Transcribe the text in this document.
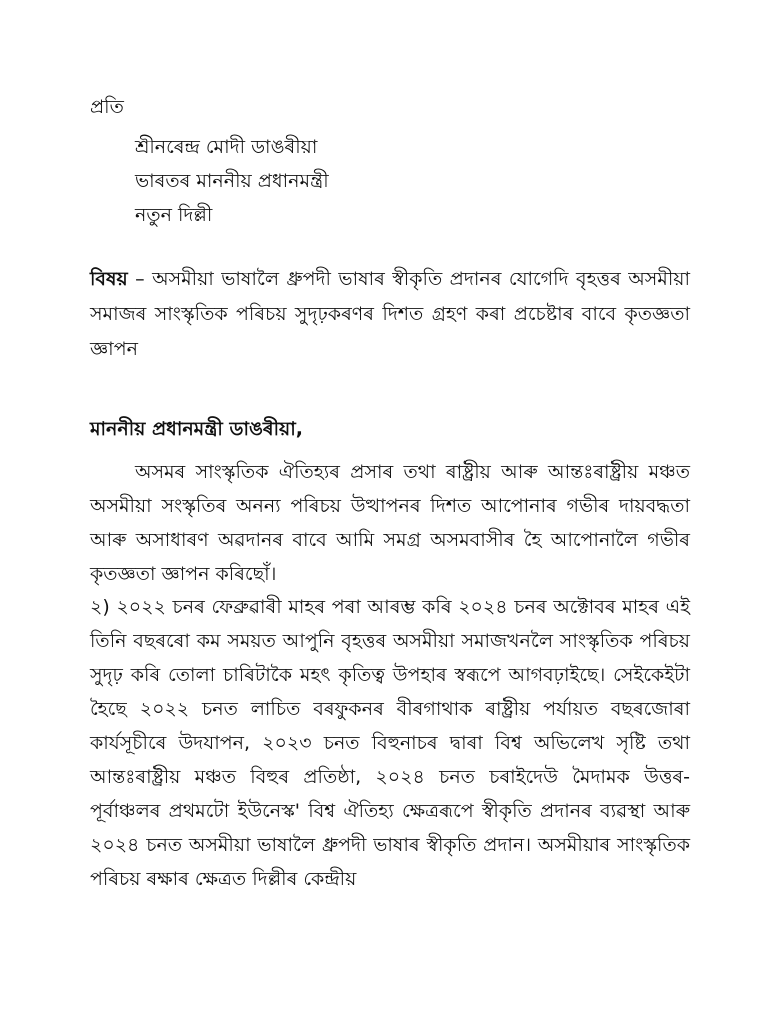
প্ৰতি
শ্ৰীনৰেন্দ্ৰ মোদী ডাঙৰীয়া
ভাৰতৰ মাননীয় প্ৰধানমন্ত্ৰী
নতুন দিল্লী
বিষয় – অসমীয়া ভাষালৈ ধ্ৰুপদী ভাষাৰ স্বীকৃতি প্ৰদানৰ যোগেদি বৃহত্তৰ অসমীয়া সমাজৰ সাংস্কৃতিক পৰিচয় সুদৃঢ়কৰণৰ দিশত গ্ৰহণ কৰা প্ৰচেষ্টাৰ বাবে কৃতজ্ঞতা জ্ঞাপন
মাননীয় প্ৰধানমন্ত্ৰী ডাঙৰীয়া,
অসমৰ সাংস্কৃতিক ঐতিহ্যৰ প্ৰসাৰ তথা ৰাষ্ট্ৰীয় আৰু আন্তঃৰাষ্ট্ৰীয় মঞ্চত অসমীয়া সংস্কৃতিৰ অনন্য পৰিচয় উত্থাপনৰ দিশত আপোনাৰ গভীৰ দায়বদ্ধতা আৰু অসাধাৰণ অৱদানৰ বাবে আমি সমগ্ৰ অসমবাসীৰ হৈ আপোনালৈ গভীৰ কৃতজ্ঞতা জ্ঞাপন কৰিছোঁ।
২) ২০২২ চনৰ ফেব্ৰুৱাৰী মাহৰ পৰা আৰম্ভ কৰি ২০২৪ চনৰ অক্টোবৰ মাহৰ এই তিনি বছৰৰো কম সময়ত আপুনি বৃহত্তৰ অসমীয়া সমাজখনলৈ সাংস্কৃতিক পৰিচয় সুদৃঢ় কৰি তোলা চাৰিটাকৈ মহৎ কৃতিত্ব উপহাৰ স্বৰূপে আগবঢ়াইছে। সেইকেইটা হৈছে ২০২২ চনত লাচিত বৰফুকনৰ বীৰগাথাক ৰাষ্ট্ৰীয় পৰ্যায়ত বছৰজোৰা কাৰ্যসূচীৰে উদযাপন, ২০২৩ চনত বিহুনাচৰ দ্বাৰা বিশ্ব অভিলেখ সৃষ্টি তথা আন্তঃৰাষ্ট্ৰীয় মঞ্চত বিহুৰ প্ৰতিষ্ঠা, ২০২৪ চনত চৰাইদেউ মৈদামক উত্তৰ-পূৰ্বাঞ্চলৰ প্ৰথমটো ইউনেস্ক' বিশ্ব ঐতিহ্য ক্ষেত্ৰৰূপে স্বীকৃতি প্ৰদানৰ ব্যৱস্থা আৰু ২০২৪ চনত অসমীয়া ভাষালৈ ধ্ৰুপদী ভাষাৰ স্বীকৃতি প্ৰদান। অসমীয়াৰ সাংস্কৃতিক পৰিচয় ৰক্ষাৰ ক্ষেত্ৰত দিল্লীৰ কেন্দ্ৰীয়
